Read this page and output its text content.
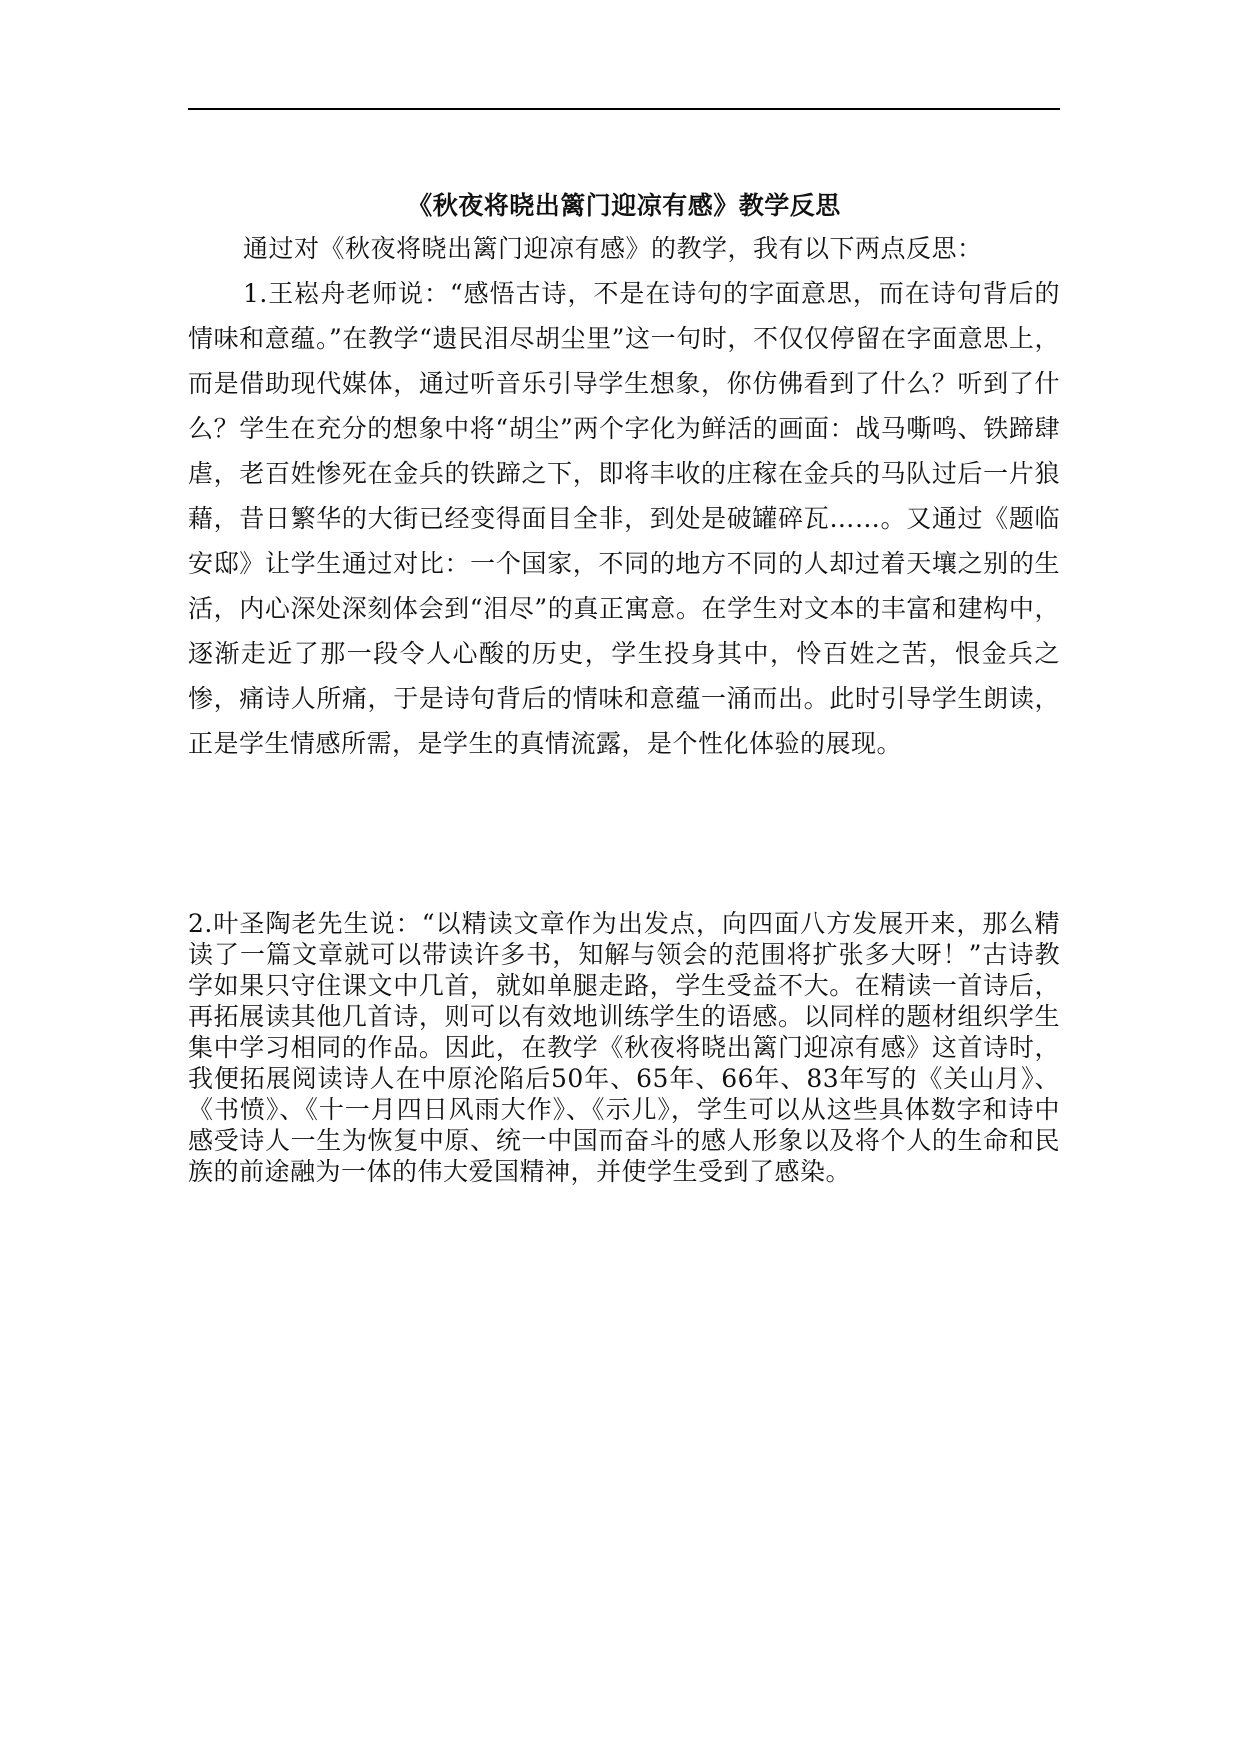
《秋夜将晓出篱门迎凉有感》教学反思

通过对《秋夜将晓出篱门迎凉有感》的教学，我有以下两点反思：

1.王崧舟老师说：“感悟古诗，不是在诗句的字面意思，而在诗句背后的情味和意蕴。”在教学“遗民泪尽胡尘里”这一句时，不仅仅停留在字面意思上，而是借助现代媒体，通过听音乐引导学生想象，你仿佛看到了什么？听到了什么？学生在充分的想象中将“胡尘”两个字化为鲜活的画面：战马嘶鸣、铁蹄肆虐，老百姓惨死在金兵的铁蹄之下，即将丰收的庄稼在金兵的马队过后一片狼藉，昔日繁华的大街已经变得面目全非，到处是破罐碎瓦……。又通过《题临安邸》让学生通过对比：一个国家，不同的地方不同的人却过着天壤之别的生活，内心深处深刻体会到“泪尽”的真正寓意。在学生对文本的丰富和建构中，逐渐走近了那一段令人心酸的历史，学生投身其中，怜百姓之苦，恨金兵之惨，痛诗人所痛，于是诗句背后的情味和意蕴一涌而出。此时引导学生朗读，正是学生情感所需，是学生的真情流露，是个性化体验的展现。

2.叶圣陶老先生说：“以精读文章作为出发点，向四面八方发展开来，那么精读了一篇文章就可以带读许多书，知解与领会的范围将扩张多大呀！”古诗教学如果只守住课文中几首，就如单腿走路，学生受益不大。在精读一首诗后，再拓展读其他几首诗，则可以有效地训练学生的语感。以同样的题材组织学生集中学习相同的作品。因此，在教学《秋夜将晓出篱门迎凉有感》这首诗时，我便拓展阅读诗人在中原沦陷后50年、65年、66年、83年写的《关山月》、《书愤》、《十一月四日风雨大作》、《示儿》，学生可以从这些具体数字和诗中感受诗人一生为恢复中原、统一中国而奋斗的感人形象以及将个人的生命和民族的前途融为一体的伟大爱国精神，并使学生受到了感染。
